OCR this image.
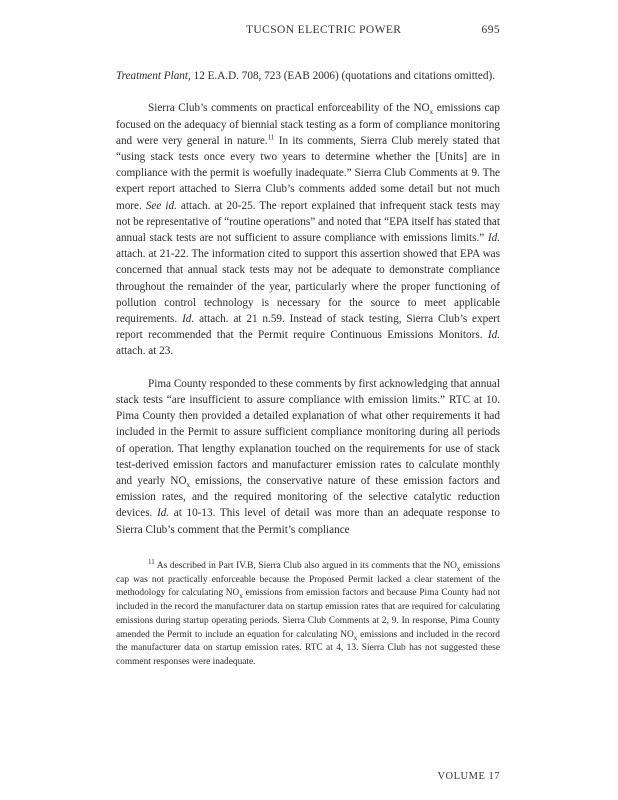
TUCSON ELECTRIC POWER	695

Treatment Plant, 12 E.A.D. 708, 723 (EAB 2006) (quotations and citations omitted).

Sierra Club’s comments on practical enforceability of the $NO_x$ emissions cap focused on the adequacy of biennial stack testing as a form of compliance monitoring and were very general in nature.$^{11}$ In its comments, Sierra Club merely stated that “using stack tests once every two years to determine whether the [Units] are in compliance with the permit is woefully inadequate.” Sierra Club Comments at 9. The expert report attached to Sierra Club’s comments added some detail but not much more. See id. attach. at 20-25. The report explained that infrequent stack tests may not be representative of “routine operations” and noted that “EPA itself has stated that annual stack tests are not sufficient to assure compliance with emissions limits.” Id. attach. at 21-22. The information cited to support this assertion showed that EPA was concerned that annual stack tests may not be adequate to demonstrate compliance throughout the remainder of the year, particularly where the proper functioning of pollution control technology is necessary for the source to meet applicable requirements. Id. attach. at 21 n.59. Instead of stack testing, Sierra Club’s expert report recommended that the Permit require Continuous Emissions Monitors. Id. attach. at 23.

Pima County responded to these comments by first acknowledging that annual stack tests “are insufficient to assure compliance with emission limits.” RTC at 10. Pima County then provided a detailed explanation of what other requirements it had included in the Permit to assure sufficient compliance monitoring during all periods of operation. That lengthy explanation touched on the requirements for use of stack test-derived emission factors and manufacturer emission rates to calculate monthly and yearly $NO_x$ emissions, the conservative nature of these emission factors and emission rates, and the required monitoring of the selective catalytic reduction devices. Id. at 10-13. This level of detail was more than an adequate response to Sierra Club’s comment that the Permit’s compliance

$^{11}$ As described in Part IV.B, Sierra Club also argued in its comments that the $NO_x$ emissions cap was not practically enforceable because the Proposed Permit lacked a clear statement of the methodology for calculating $NO_x$ emissions from emission factors and because Pima County had not included in the record the manufacturer data on startup emission rates that are required for calculating emissions during startup operating periods. Sierra Club Comments at 2, 9. In response, Pima County amended the Permit to include an equation for calculating $NO_x$ emissions and included in the record the manufacturer data on startup emission rates. RTC at 4, 13. Sierra Club has not suggested these comment responses were inadequate.

VOLUME 17
